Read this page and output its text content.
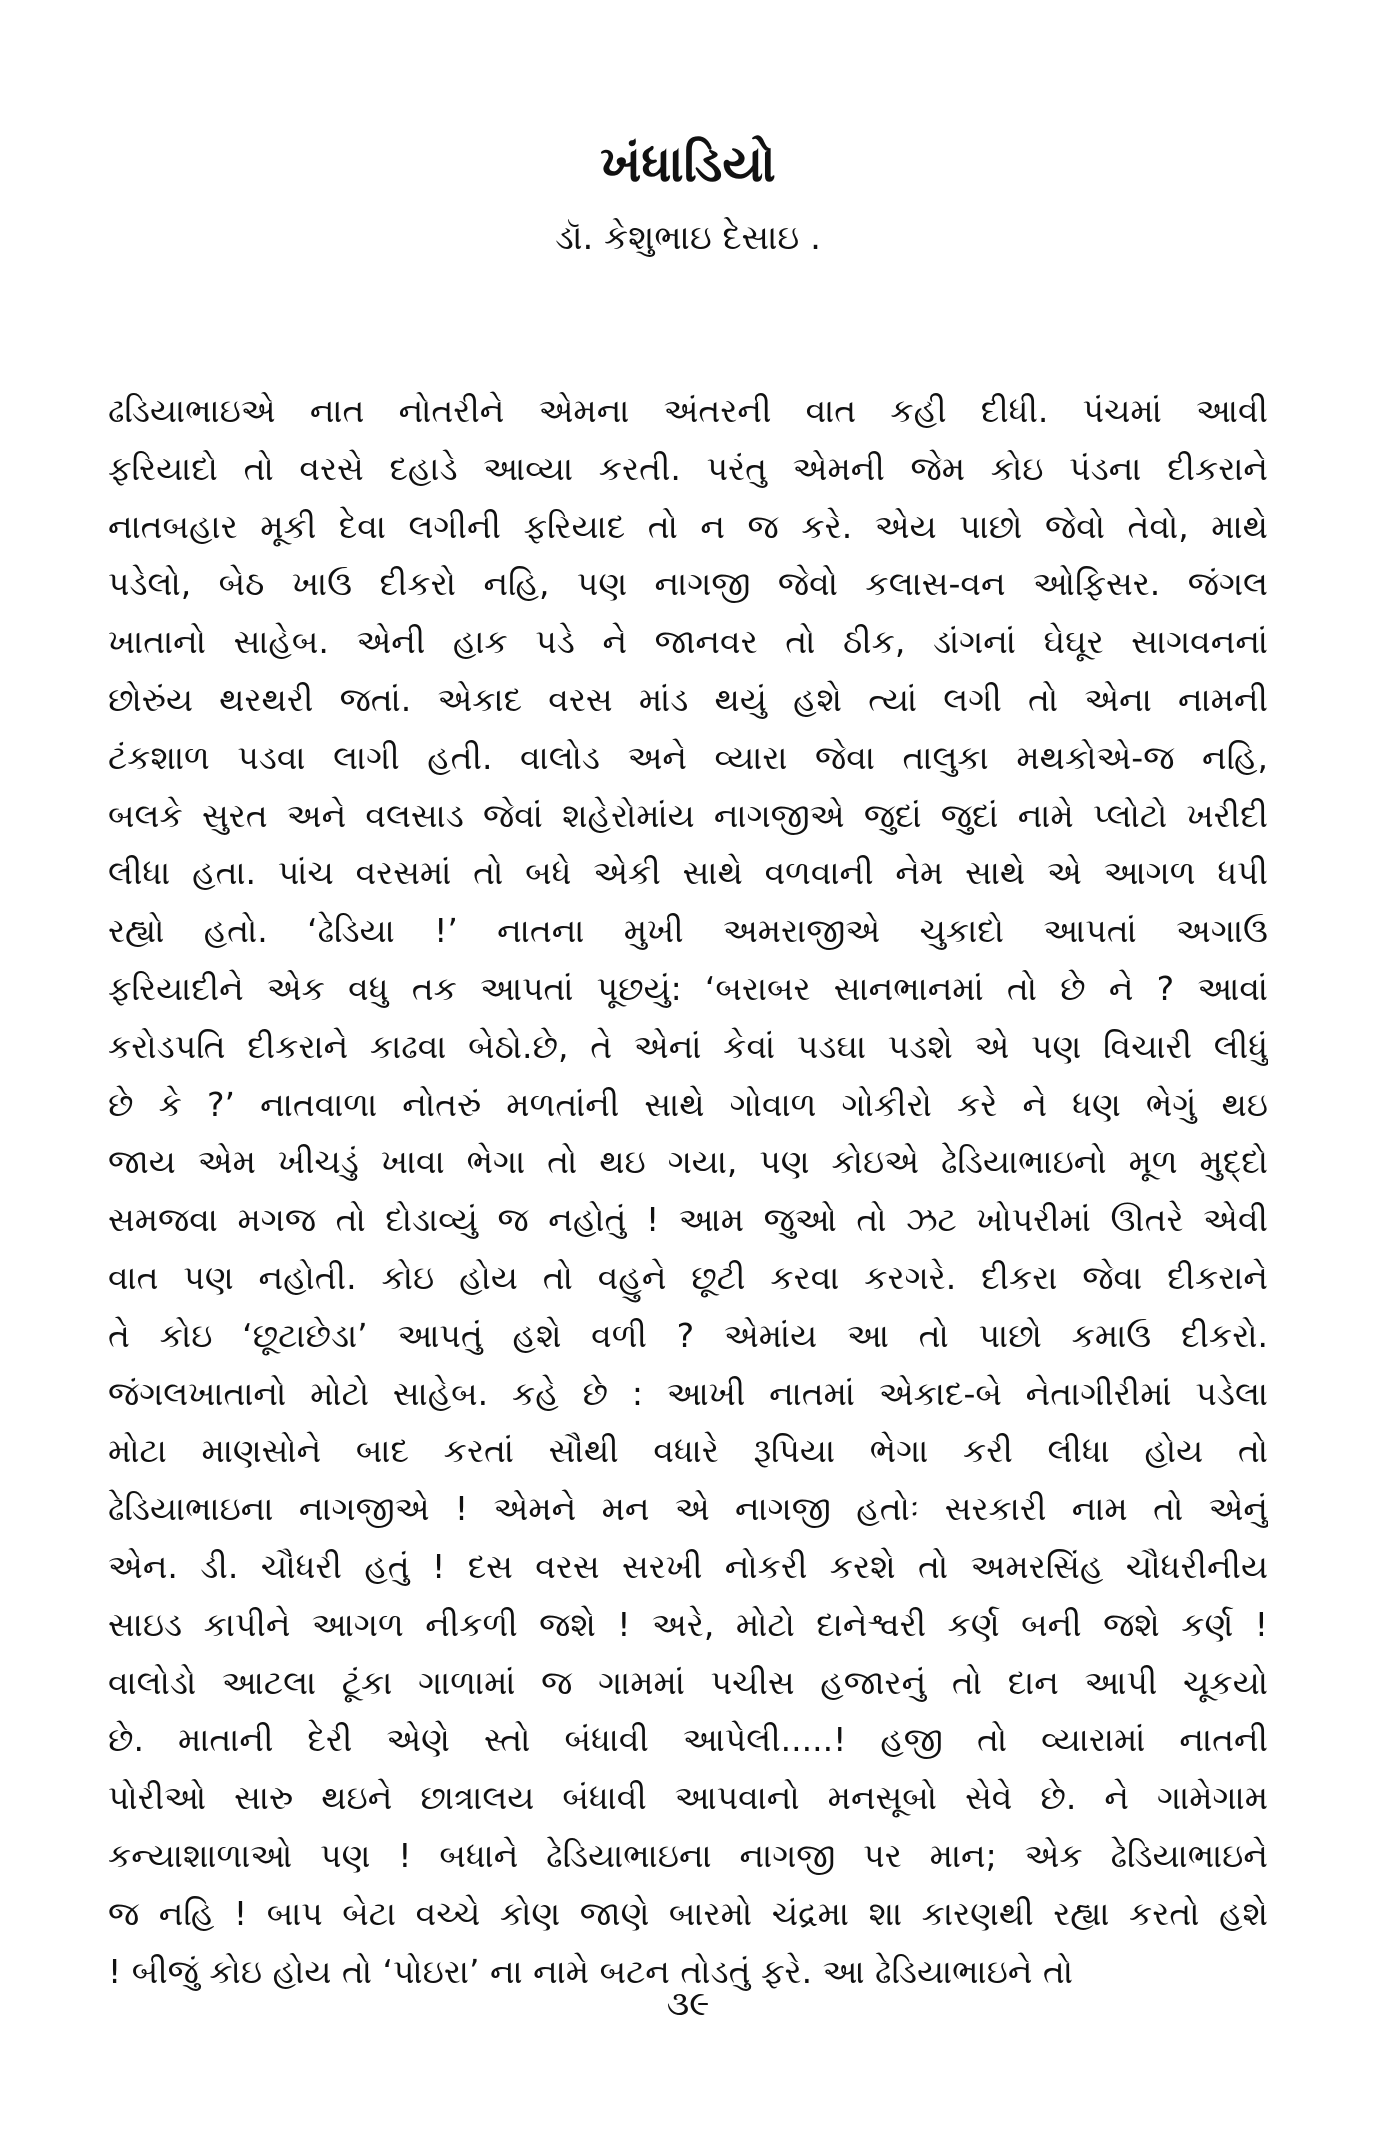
ખંધાડિયો
ડૉ. કેશુભાઇ દેસાઇ .
ઢડિયાભાઇએ નાત નોતરીને એમના અંતરની વાત કહી દીધી. પંચમાં આવી
ફરિયાદો તો વરસે દહાડે આવ્યા કરતી. પરંતુ એમની જેમ કોઇ પંડના દીકરાને
નાતબહાર મૂકી દેવા લગીની ફરિયાદ તો ન જ કરે. એય પાછો જેવો તેવો, માથે
પડેલો, બેઠ ખાઉ દીકરો નહિ, પણ નાગજી જેવો કલાસ-વન ઓફિસર. જંગલ
ખાતાનો સાહેબ. એની હાક પડે ને જાનવર તો ઠીક, ડાંગનાં ઘેઘૂર સાગવનનાં
છોરુંય થરથરી જતાં. એકાદ વરસ માંડ થયું હશે ત્યાં લગી તો એના નામની
ટંકશાળ પડવા લાગી હતી. વાલોડ અને વ્યારા જેવા તાલુકા મથકોએ-જ નહિ,
બલકે સુરત અને વલસાડ જેવાં શહેરોમાંય નાગજીએ જુદાં જુદાં નામે પ્લોટો ખરીદી
લીધા હતા. પાંચ વરસમાં તો બધે એકી સાથે વળવાની નેમ સાથે એ આગળ ધપી
રહ્યો હતો. ‘ઢેડિયા !’ નાતના મુખી અમરાજીએ ચુકાદો આપતાં અગાઉ
ફરિયાદીને એક વધુ તક આપતાં પૂછયું: ‘બરાબર સાનભાનમાં તો છે ને ? આવાં
કરોડપતિ દીકરાને કાઢવા બેઠો.છે, તે એનાં કેવાં પડઘા પડશે એ પણ વિચારી લીધું
છે કે ?’ નાતવાળા નોતરું મળતાંની સાથે ગોવાળ ગોકીરો કરે ને ધણ ભેગું થઇ
જાય એમ ખીચડું ખાવા ભેગા તો થઇ ગયા, પણ કોઇએ ઢેડિયાભાઇનો મૂળ મુદ્દો
સમજવા મગજ તો દોડાવ્યું જ નહોતું ! આમ જુઓ તો ઝટ ખોપરીમાં ઊતરે એવી
વાત પણ નહોતી. કોઇ હોય તો વહુને છૂટી કરવા કરગરે. દીકરા જેવા દીકરાને
તે કોઇ ‘છૂટાછેડા’ આપતું હશે વળી ? એમાંય આ તો પાછો કમાઉ દીકરો.
જંગલખાતાનો મોટો સાહેબ. કહે છે : આખી નાતમાં એકાદ-બે નેતાગીરીમાં પડેલા
મોટા માણસોને બાદ કરતાં સૌથી વધારે રૂપિયા ભેગા કરી લીધા હોય તો
ઢેડિયાભાઇના નાગજીએ ! એમને મન એ નાગજી હતોઃ સરકારી નામ તો એનું
એન. ડી. ચૌધરી હતું ! દસ વરસ સરખી નોકરી કરશે તો અમરસિંહ ચૌધરીનીય
સાઇડ કાપીને આગળ નીકળી જશે ! અરે, મોટો દાનેશ્વરી કર્ણ બની જશે કર્ણ !
વાલોડો આટલા ટૂંકા ગાળામાં જ ગામમાં પચીસ હજારનું તો દાન આપી ચૂકયો
છે. માતાની દેરી એણે સ્તો બંધાવી આપેલી.....! હજી તો વ્યારામાં નાતની
પોરીઓ સારુ થઇને છાત્રાલય બંધાવી આપવાનો મનસૂબો સેવે છે. ને ગામેગામ
કન્યાશાળાઓ પણ ! બધાને ઢેડિયાભાઇના નાગજી પર માન; એક ઢેડિયાભાઇને
જ નહિ ! બાપ બેટા વચ્ચે કોણ જાણે બારમો ચંદ્રમા શા કારણથી રહ્યા કરતો હશે
! બીજું કોઇ હોય તો ‘પોઇરા’ ના નામે બટન તોડતું ફરે. આ ઢેડિયાભાઇને તો
૩૯
